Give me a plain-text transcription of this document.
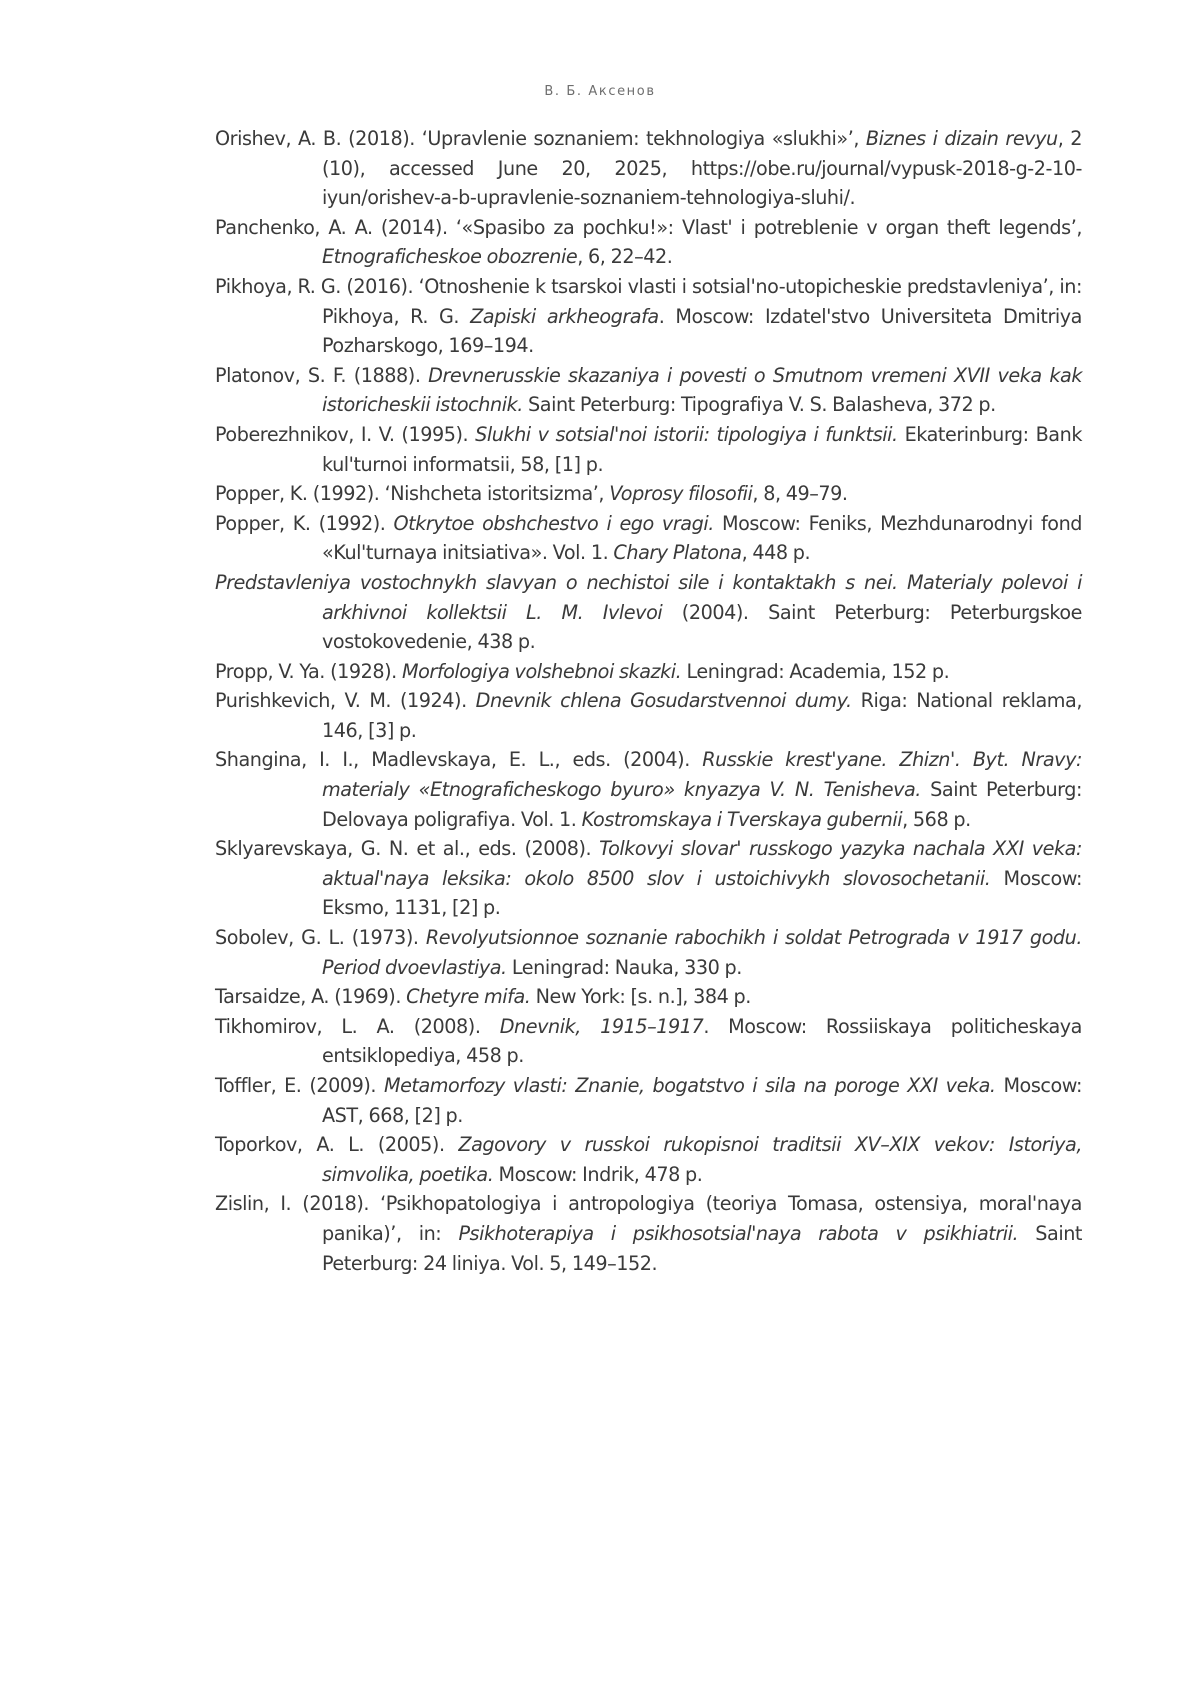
В. Б. Аксенов
Orishev, A. B. (2018). ‘Upravlenie soznaniem: tekhnologiya «slukhi»’, Biznes i dizain revyu, 2 (10), accessed June 20, 2025, https://obe.ru/journal/vypusk-2018-g-2-10-iyun/orishev-a-b-upravlenie-soznaniem-tehnologiya-sluhi/.
Panchenko, A. A. (2014). ‘«Spasibo za pochku!»: Vlast' i potreblenie v organ theft legends’, Etnograficheskoe obozrenie, 6, 22–42.
Pikhoya, R. G. (2016). ‘Otnoshenie k tsarskoi vlasti i sotsial'no-utopicheskie predstavleniya’, in: Pikhoya, R. G. Zapiski arkheografa. Moscow: Izdatel'stvo Universiteta Dmitriya Pozharskogo, 169–194.
Platonov, S. F. (1888). Drevnerusskie skazaniya i povesti o Smutnom vremeni XVII veka kak istoricheskii istochnik. Saint Peterburg: Tipografiya V. S. Balasheva, 372 p.
Poberezhnikov, I. V. (1995). Slukhi v sotsial'noi istorii: tipologiya i funktsii. Ekaterinburg: Bank kul'turnoi informatsii, 58, [1] p.
Popper, K. (1992). ‘Nishcheta istoritsizma’, Voprosy filosofii, 8, 49–79.
Popper, K. (1992). Otkrytoe obshchestvo i ego vragi. Moscow: Feniks, Mezhdunarodnyi fond «Kul'turnaya initsiativa». Vol. 1. Chary Platona, 448 p.
Predstavleniya vostochnykh slavyan o nechistoi sile i kontaktakh s nei. Materialy polevoi i arkhivnoi kollektsii L. M. Ivlevoi (2004). Saint Peterburg: Peterburgskoe vostokovedenie, 438 p.
Propp, V. Ya. (1928). Morfologiya volshebnoi skazki. Leningrad: Academia, 152 p.
Purishkevich, V. M. (1924). Dnevnik chlena Gosudarstvennoi dumy. Riga: National reklama, 146, [3] p.
Shangina, I. I., Madlevskaya, E. L., eds. (2004). Russkie krest'yane. Zhizn'. Byt. Nravy: materialy «Etnograficheskogo byuro» knyazya V. N. Tenisheva. Saint Peterburg: Delovaya poligrafiya. Vol. 1. Kostromskaya i Tverskaya gubernii, 568 p.
Sklyarevskaya, G. N. et al., eds. (2008). Tolkovyi slovar' russkogo yazyka nachala XXI veka: aktual'naya leksika: okolo 8500 slov i ustoichivykh slovosochetanii. Moscow: Eksmo, 1131, [2] p.
Sobolev, G. L. (1973). Revolyutsionnoe soznanie rabochikh i soldat Petrograda v 1917 godu. Period dvoevlastiya. Leningrad: Nauka, 330 p.
Tarsaidze, A. (1969). Chetyre mifa. New York: [s. n.], 384 p.
Tikhomirov, L. A. (2008). Dnevnik, 1915–1917. Moscow: Rossiiskaya politicheskaya entsiklopediya, 458 p.
Toffler, E. (2009). Metamorfozy vlasti: Znanie, bogatstvo i sila na poroge XXI veka. Moscow: AST, 668, [2] p.
Toporkov, A. L. (2005). Zagovory v russkoi rukopisnoi traditsii XV–XIX vekov: Istoriya, simvolika, poetika. Moscow: Indrik, 478 p.
Zislin, I. (2018). ‘Psikhopatologiya i antropologiya (teoriya Tomasa, ostensiya, moral'naya panika)’, in: Psikhoterapiya i psikhosotsial'naya rabota v psikhiatrii. Saint Peterburg: 24 liniya. Vol. 5, 149–152.
